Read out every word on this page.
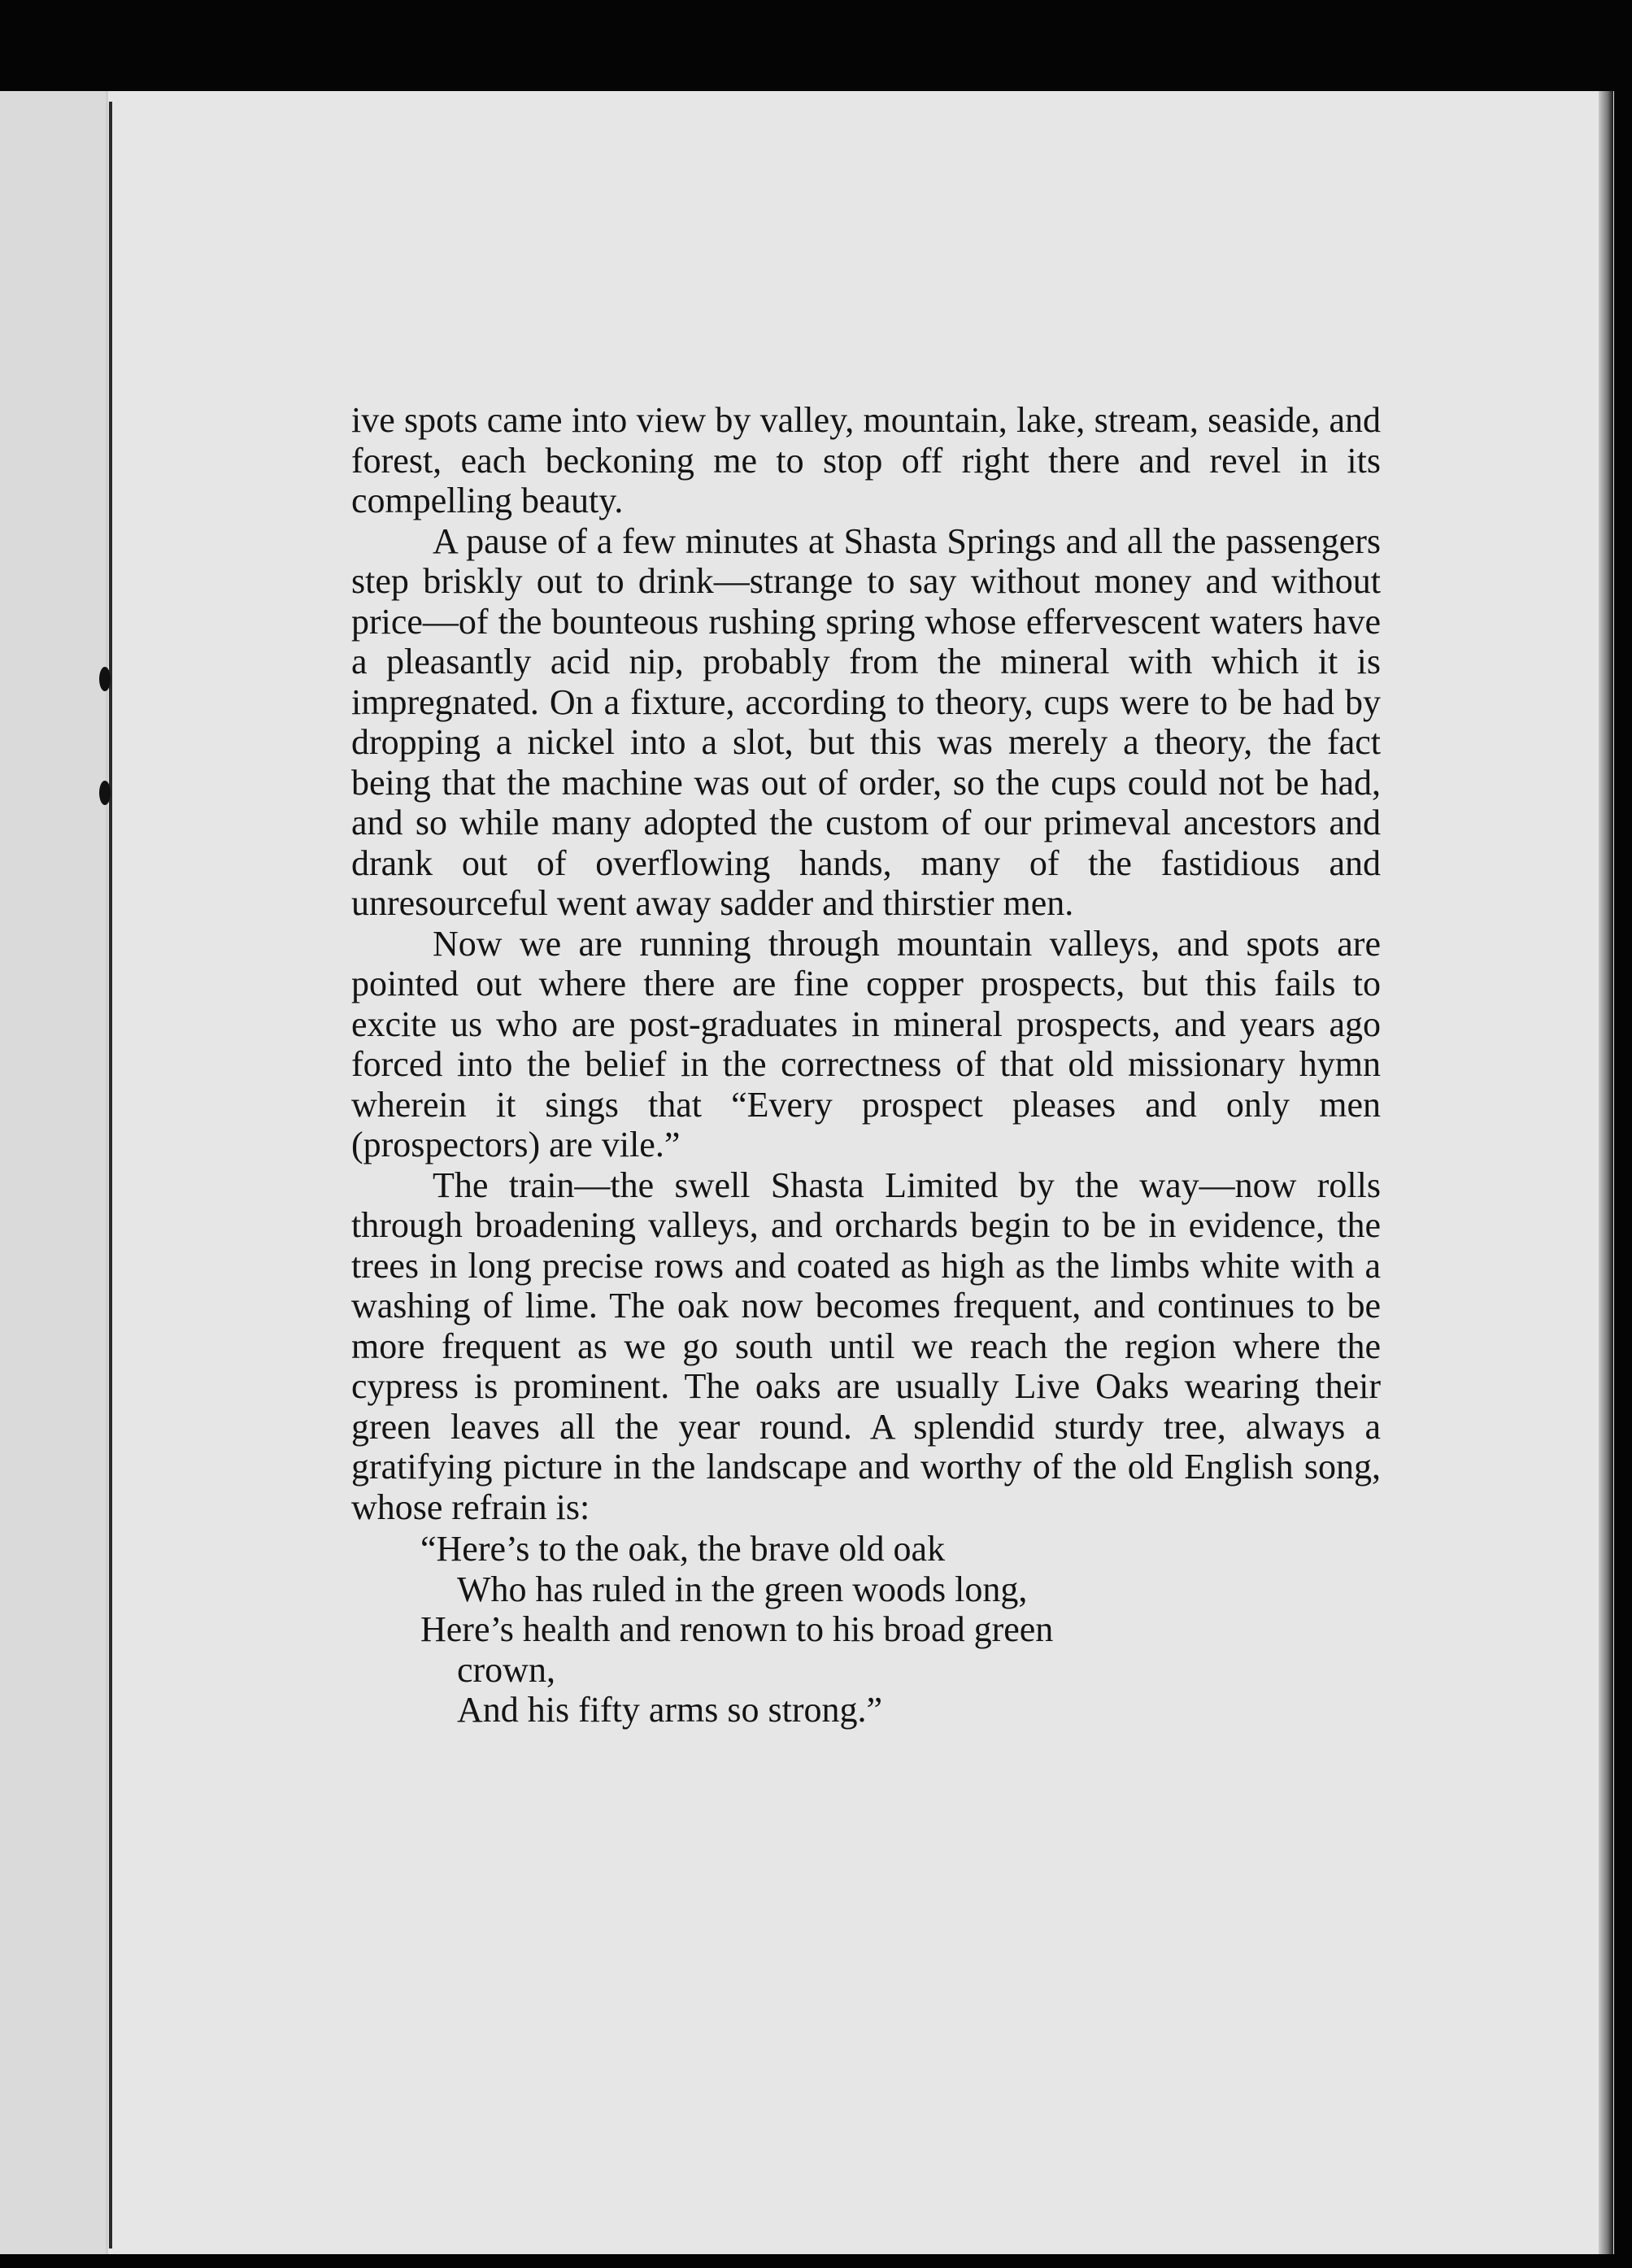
ive spots came into view by valley, mountain, lake, stream, seaside, and forest, each beckoning me to stop off right there and revel in its compelling beauty.

A pause of a few minutes at Shasta Springs and all the passengers step briskly out to drink—strange to say without money and without price—of the bounteous rushing spring whose effervescent waters have a pleasantly acid nip, probably from the mineral with which it is impregnated. On a fixture, according to theory, cups were to be had by dropping a nickel into a slot, but this was merely a theory, the fact being that the machine was out of order, so the cups could not be had, and so while many adopted the custom of our primeval ancestors and drank out of overflowing hands, many of the fastidious and unresourceful went away sadder and thirstier men.

Now we are running through mountain valleys, and spots are pointed out where there are fine copper prospects, but this fails to excite us who are post-graduates in mineral prospects, and years ago forced into the belief in the correctness of that old missionary hymn wherein it sings that “Every prospect pleases and only men (prospectors) are vile.”

The train—the swell Shasta Limited by the way—now rolls through broadening valleys, and orchards begin to be in evidence, the trees in long precise rows and coated as high as the limbs white with a washing of lime. The oak now becomes frequent, and continues to be more frequent as we go south until we reach the region where the cypress is prominent. The oaks are usually Live Oaks wearing their green leaves all the year round. A splendid sturdy tree, always a gratifying picture in the landscape and worthy of the old English song, whose refrain is:

“Here’s to the oak, the brave old oak
Who has ruled in the green woods long,
Here’s health and renown to his broad green
crown,
And his fifty arms so strong.”
